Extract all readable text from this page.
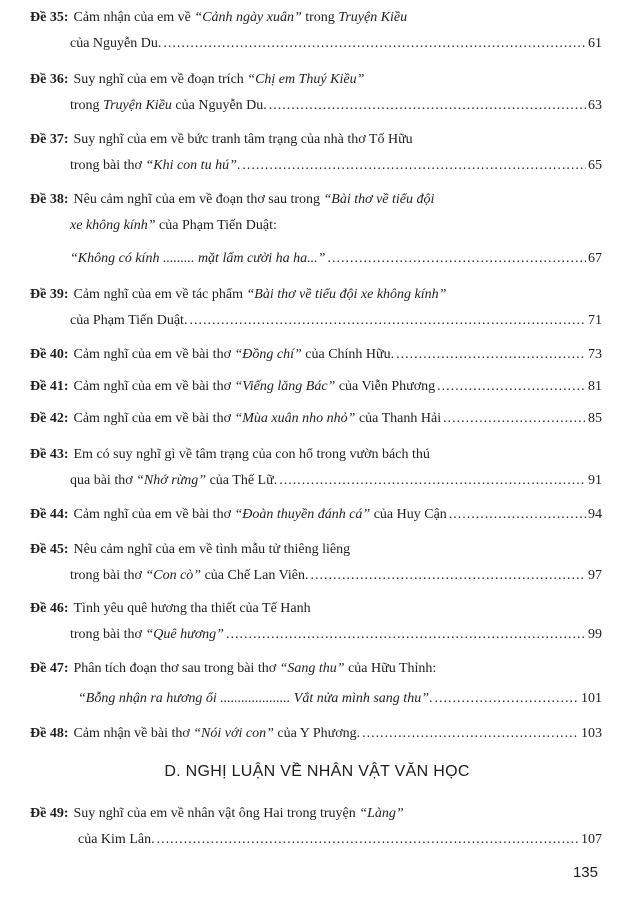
Đề 35: Cảm nhận của em về “Cảnh ngày xuân” trong Truyện Kiều
của Nguyễn Du. .....	61
Đề 36: Suy nghĩ của em về đoạn trích “Chị em Thuý Kiều”
trong Truyện Kiều của Nguyễn Du. .....	63
Đề 37: Suy nghĩ của em về bức tranh tâm trạng của nhà thơ Tố Hữu
trong bài thơ “Khi con tu hú”. .....	65
Đề 38: Nêu cảm nghĩ của em về đoạn thơ sau trong “Bài thơ về tiểu đội
xe không kính” của Phạm Tiến Duật:
“Không có kính ......... mặt lấm cười ha ha...” .....	67
Đề 39: Cảm nghĩ của em về tác phẩm “Bài thơ về tiểu đội xe không kính”
của Phạm Tiến Duật. .....	71
Đề 40: Cảm nghĩ của em về bài thơ “Đồng chí” của Chính Hữu. .....	73
Đề 41: Cảm nghĩ của em về bài thơ “Viếng lăng Bác” của Viễn Phương .....	81
Đề 42: Cảm nghĩ của em về bài thơ “Mùa xuân nho nhỏ” của Thanh Hải .....	85
Đề 43: Em có suy nghĩ gì về tâm trạng của con hổ trong vườn bách thú
qua bài thơ “Nhớ rừng” của Thế Lữ. .....	91
Đề 44: Cảm nghĩ của em về bài thơ “Đoàn thuyền đánh cá” của Huy Cận .....	94
Đề 45: Nêu cảm nghĩ của em về tình mẫu tử thiêng liêng
trong bài thơ “Con cò” của Chế Lan Viên. .....	97
Đề 46: Tình yêu quê hương tha thiết của Tế Hanh
trong bài thơ “Quê hương” .....	99
Đề 47: Phân tích đoạn thơ sau trong bài thơ “Sang thu” của Hữu Thỉnh:
“Bỗng nhận ra hương ổi .................... Vắt nửa mình sang thu”. .....	101
Đề 48: Cảm nhận về bài thơ “Nói với con” của Y Phương. .....	103
D. NGHỊ LUẬN VỀ NHÂN VẬT VĂN HỌC
Đề 49: Suy nghĩ của em về nhân vật ông Hai trong truyện “Làng”
của Kim Lân. .....	107
135
